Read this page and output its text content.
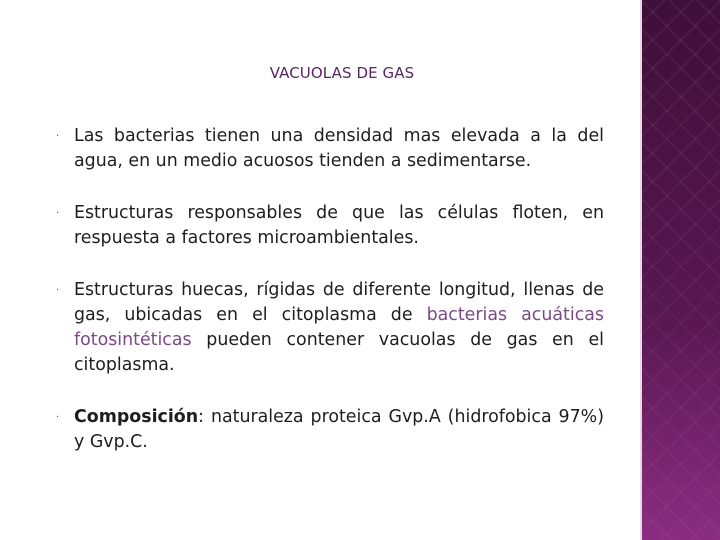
VACUOLAS DE GAS
· Las bacterias tienen una densidad mas elevada a la del agua, en un medio acuosos tienden a sedimentarse.
· Estructuras responsables de que las células floten, en respuesta a factores microambientales.
· Estructuras huecas, rígidas de diferente longitud, llenas de gas, ubicadas en el citoplasma de bacterias acuáticas fotosintéticas pueden contener vacuolas de gas en el citoplasma.
· Composición: naturaleza proteica Gvp.A (hidrofobica 97%) y Gvp.C.
